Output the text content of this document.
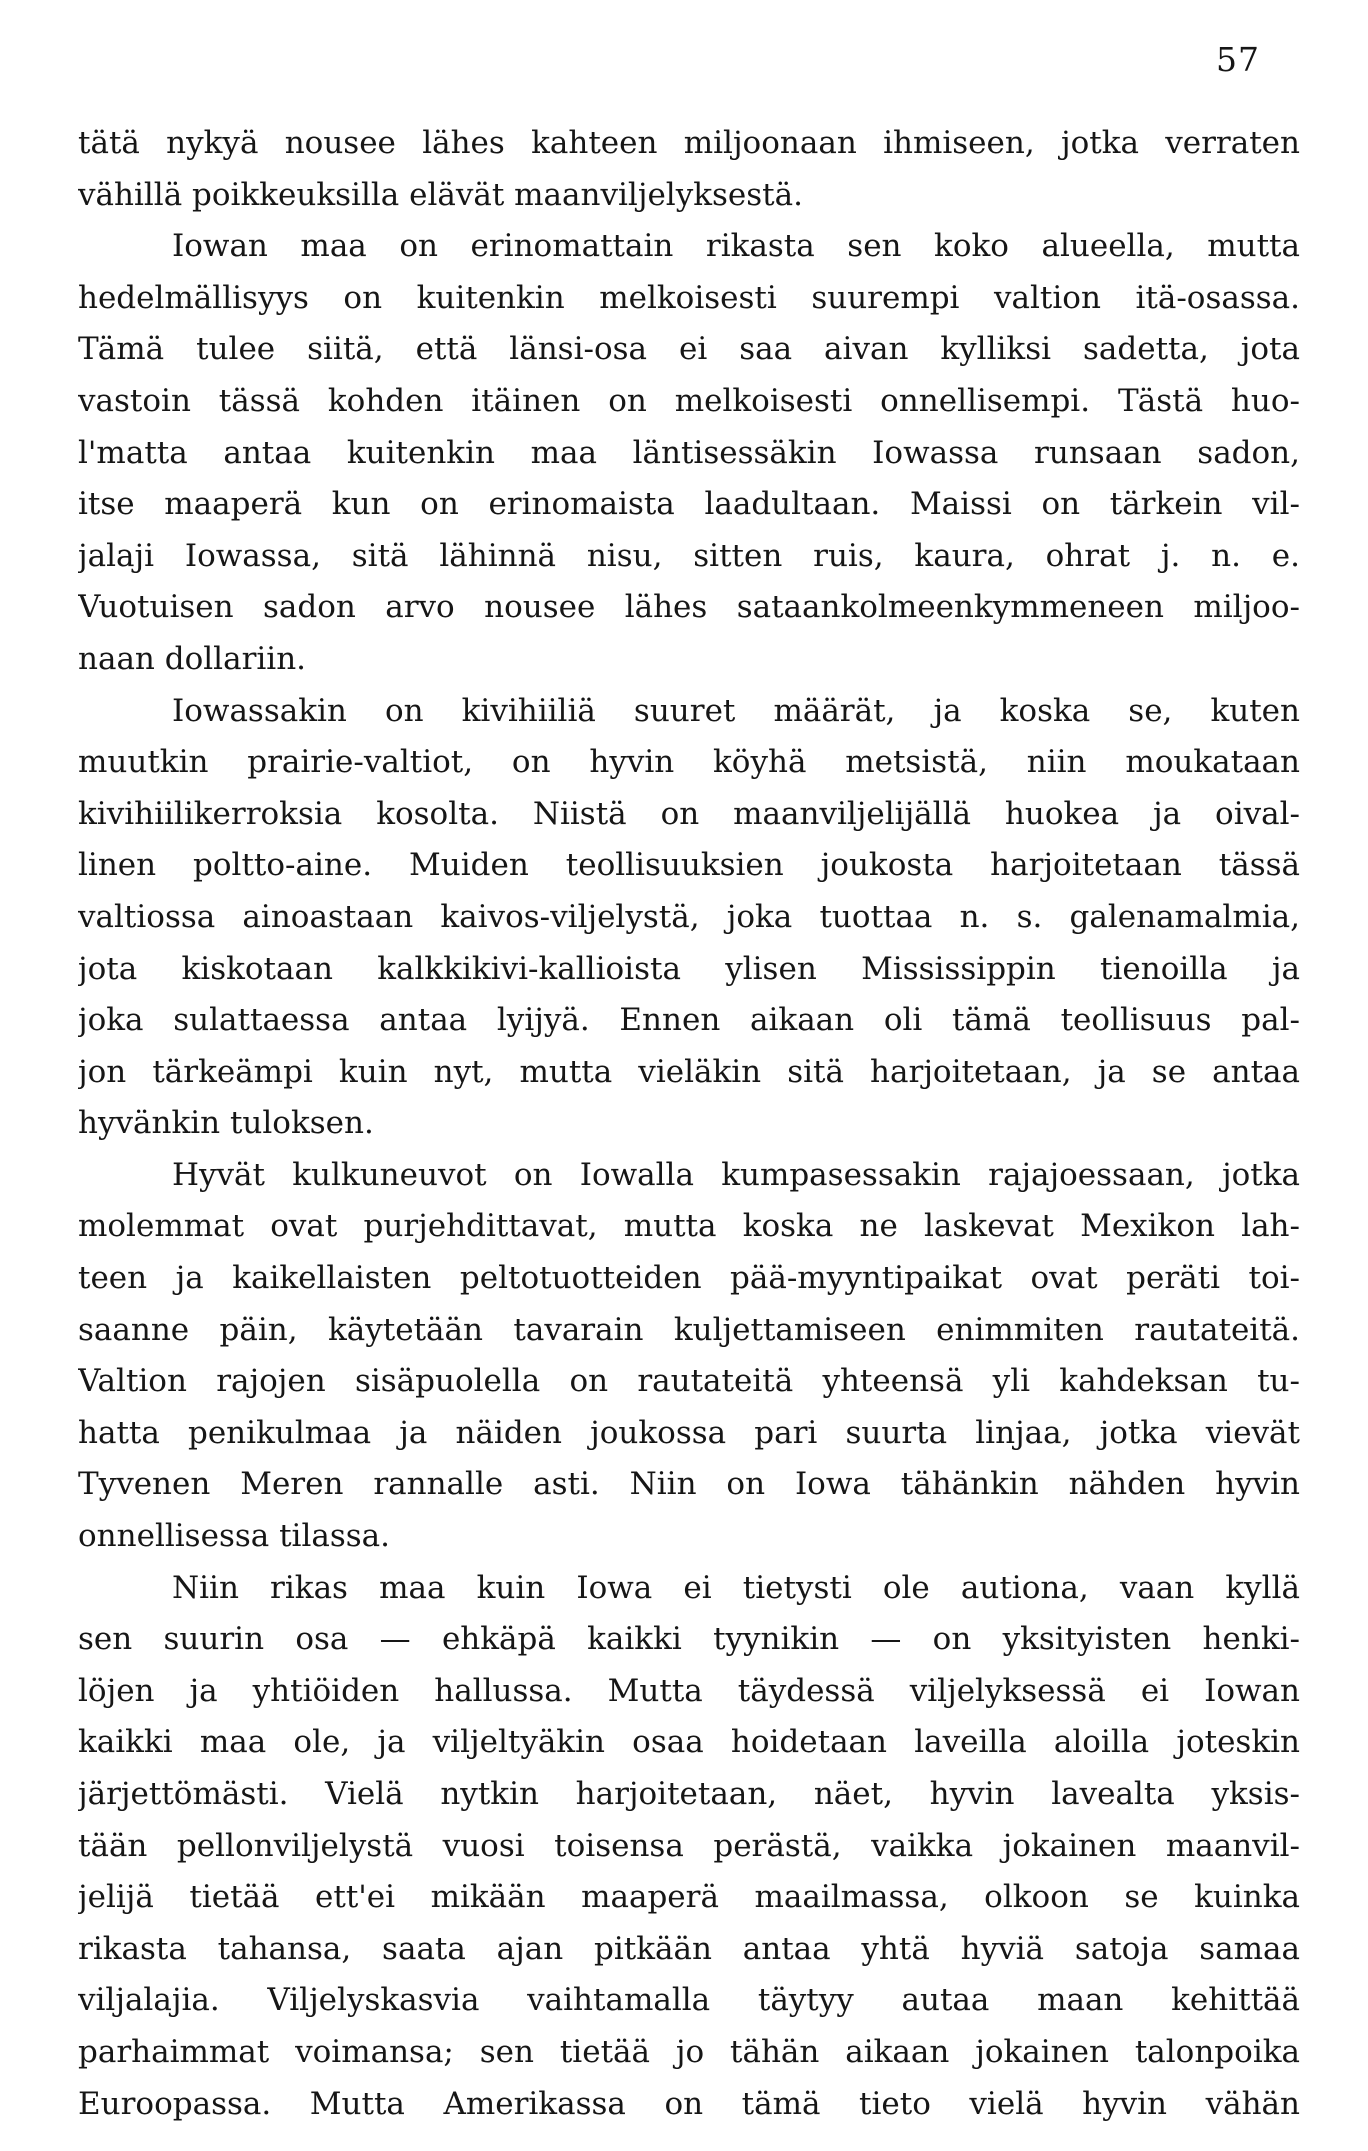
57
tätä nykyä nousee lähes kahteen miljoonaan ihmiseen, jotka verraten
vähillä poikkeuksilla elävät maanviljelyksestä.
Iowan maa on erinomattain rikasta sen koko alueella, mutta
hedelmällisyys on kuitenkin melkoisesti suurempi valtion itä-osassa.
Tämä tulee siitä, että länsi-osa ei saa aivan kylliksi sadetta, jota
vastoin tässä kohden itäinen on melkoisesti onnellisempi. Tästä huo-
l'matta antaa kuitenkin maa läntisessäkin Iowassa runsaan sadon,
itse maaperä kun on erinomaista laadultaan. Maissi on tärkein vil-
jalaji Iowassa, sitä lähinnä nisu, sitten ruis, kaura, ohrat j. n. e.
Vuotuisen sadon arvo nousee lähes sataankolmeenkymmeneen miljoo-
naan dollariin.
Iowassakin on kivihiiliä suuret määrät, ja koska se, kuten
muutkin prairie-valtiot, on hyvin köyhä metsistä, niin moukataan
kivihiilikerroksia kosolta. Niistä on maanviljelijällä huokea ja oival-
linen poltto-aine. Muiden teollisuuksien joukosta harjoitetaan tässä
valtiossa ainoastaan kaivos-viljelystä, joka tuottaa n. s. galenamalmia,
jota kiskotaan kalkkikivi-kallioista ylisen Mississippin tienoilla ja
joka sulattaessa antaa lyijyä. Ennen aikaan oli tämä teollisuus pal-
jon tärkeämpi kuin nyt, mutta vieläkin sitä harjoitetaan, ja se antaa
hyvänkin tuloksen.
Hyvät kulkuneuvot on Iowalla kumpasessakin rajajoessaan, jotka
molemmat ovat purjehdittavat, mutta koska ne laskevat Mexikon lah-
teen ja kaikellaisten peltotuotteiden pää-myyntipaikat ovat peräti toi-
saanne päin, käytetään tavarain kuljettamiseen enimmiten rautateitä.
Valtion rajojen sisäpuolella on rautateitä yhteensä yli kahdeksan tu-
hatta penikulmaa ja näiden joukossa pari suurta linjaa, jotka vievät
Tyvenen Meren rannalle asti. Niin on Iowa tähänkin nähden hyvin
onnellisessa tilassa.
Niin rikas maa kuin Iowa ei tietysti ole autiona, vaan kyllä
sen suurin osa — ehkäpä kaikki tyynikin — on yksityisten henki-
löjen ja yhtiöiden hallussa. Mutta täydessä viljelyksessä ei Iowan
kaikki maa ole, ja viljeltyäkin osaa hoidetaan laveilla aloilla joteskin
järjettömästi. Vielä nytkin harjoitetaan, näet, hyvin lavealta yksis-
tään pellonviljelystä vuosi toisensa perästä, vaikka jokainen maanvil-
jelijä tietää ett'ei mikään maaperä maailmassa, olkoon se kuinka
rikasta tahansa, saata ajan pitkään antaa yhtä hyviä satoja samaa
viljalajia. Viljelyskasvia vaihtamalla täytyy autaa maan kehittää
parhaimmat voimansa; sen tietää jo tähän aikaan jokainen talonpoika
Euroopassa. Mutta Amerikassa on tämä tieto vielä hyvin vähän
